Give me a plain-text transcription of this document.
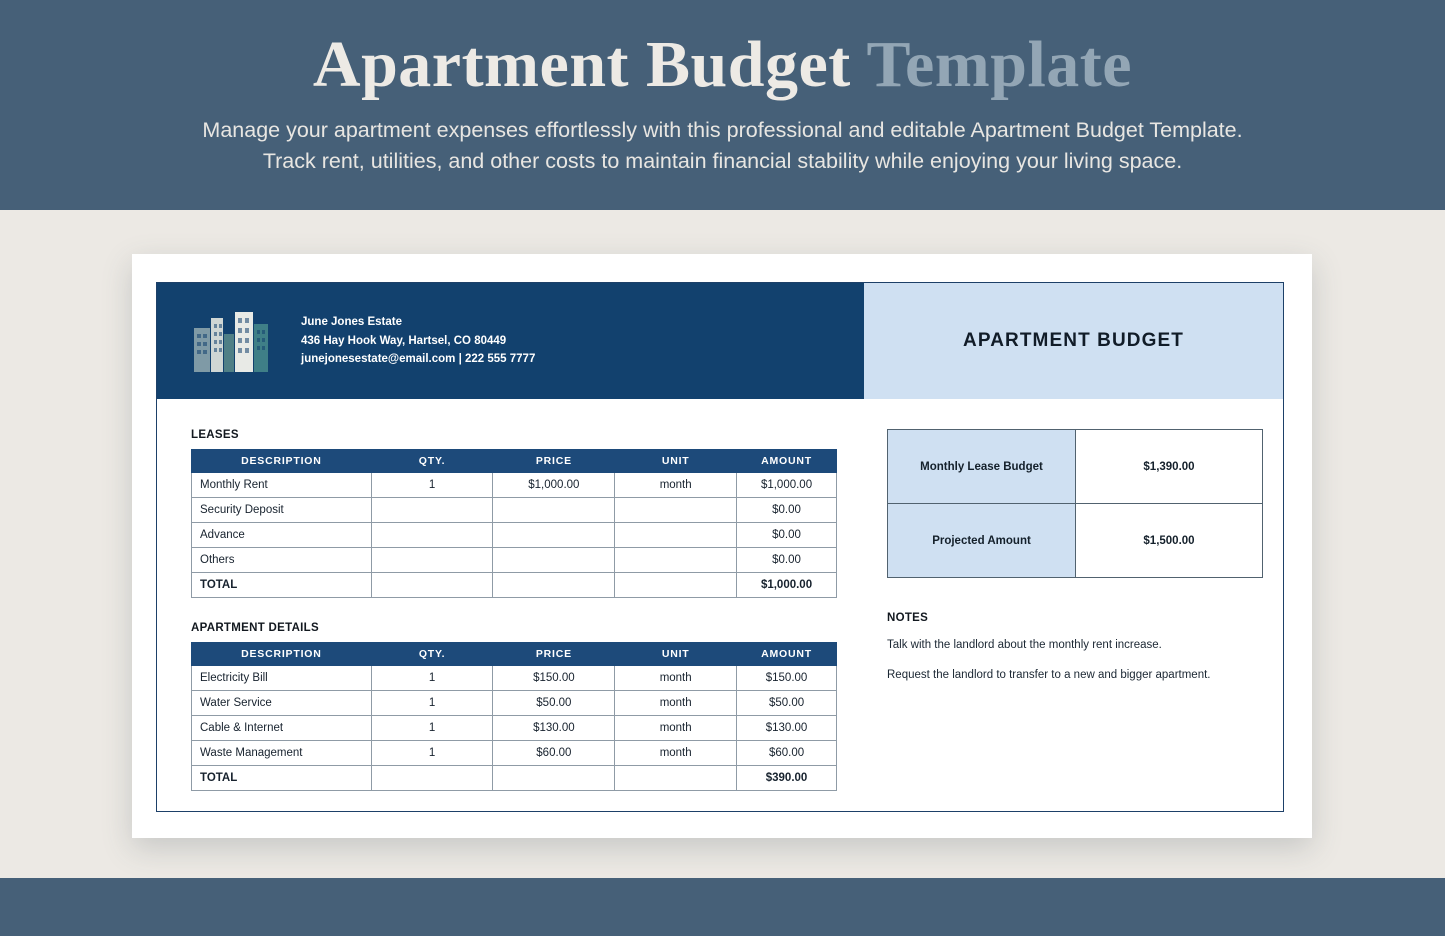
Apartment Budget Template

Manage your apartment expenses effortlessly with this professional and editable Apartment Budget Template.
Track rent, utilities, and other costs to maintain financial stability while enjoying your living space.

June Jones Estate
436 Hay Hook Way, Hartsel, CO 80449
junejonesestate@email.com | 222 555 7777
APARTMENT BUDGET
LEASES
DESCRIPTION	QTY.	PRICE	UNIT	AMOUNT
Monthly Rent	1	$1,000.00	month	$1,000.00
Security Deposit				$0.00
Advance				$0.00
Others				$0.00
TOTAL				$1,000.00
APARTMENT DETAILS
DESCRIPTION	QTY.	PRICE	UNIT	AMOUNT
Electricity Bill	1	$150.00	month	$150.00
Water Service	1	$50.00	month	$50.00
Cable & Internet	1	$130.00	month	$130.00
Waste Management	1	$60.00	month	$60.00
TOTAL				$390.00
Monthly Lease Budget	$1,390.00
Projected Amount	$1,500.00
NOTES
Talk with the landlord about the monthly rent increase.
Request the landlord to transfer to a new and bigger apartment.
